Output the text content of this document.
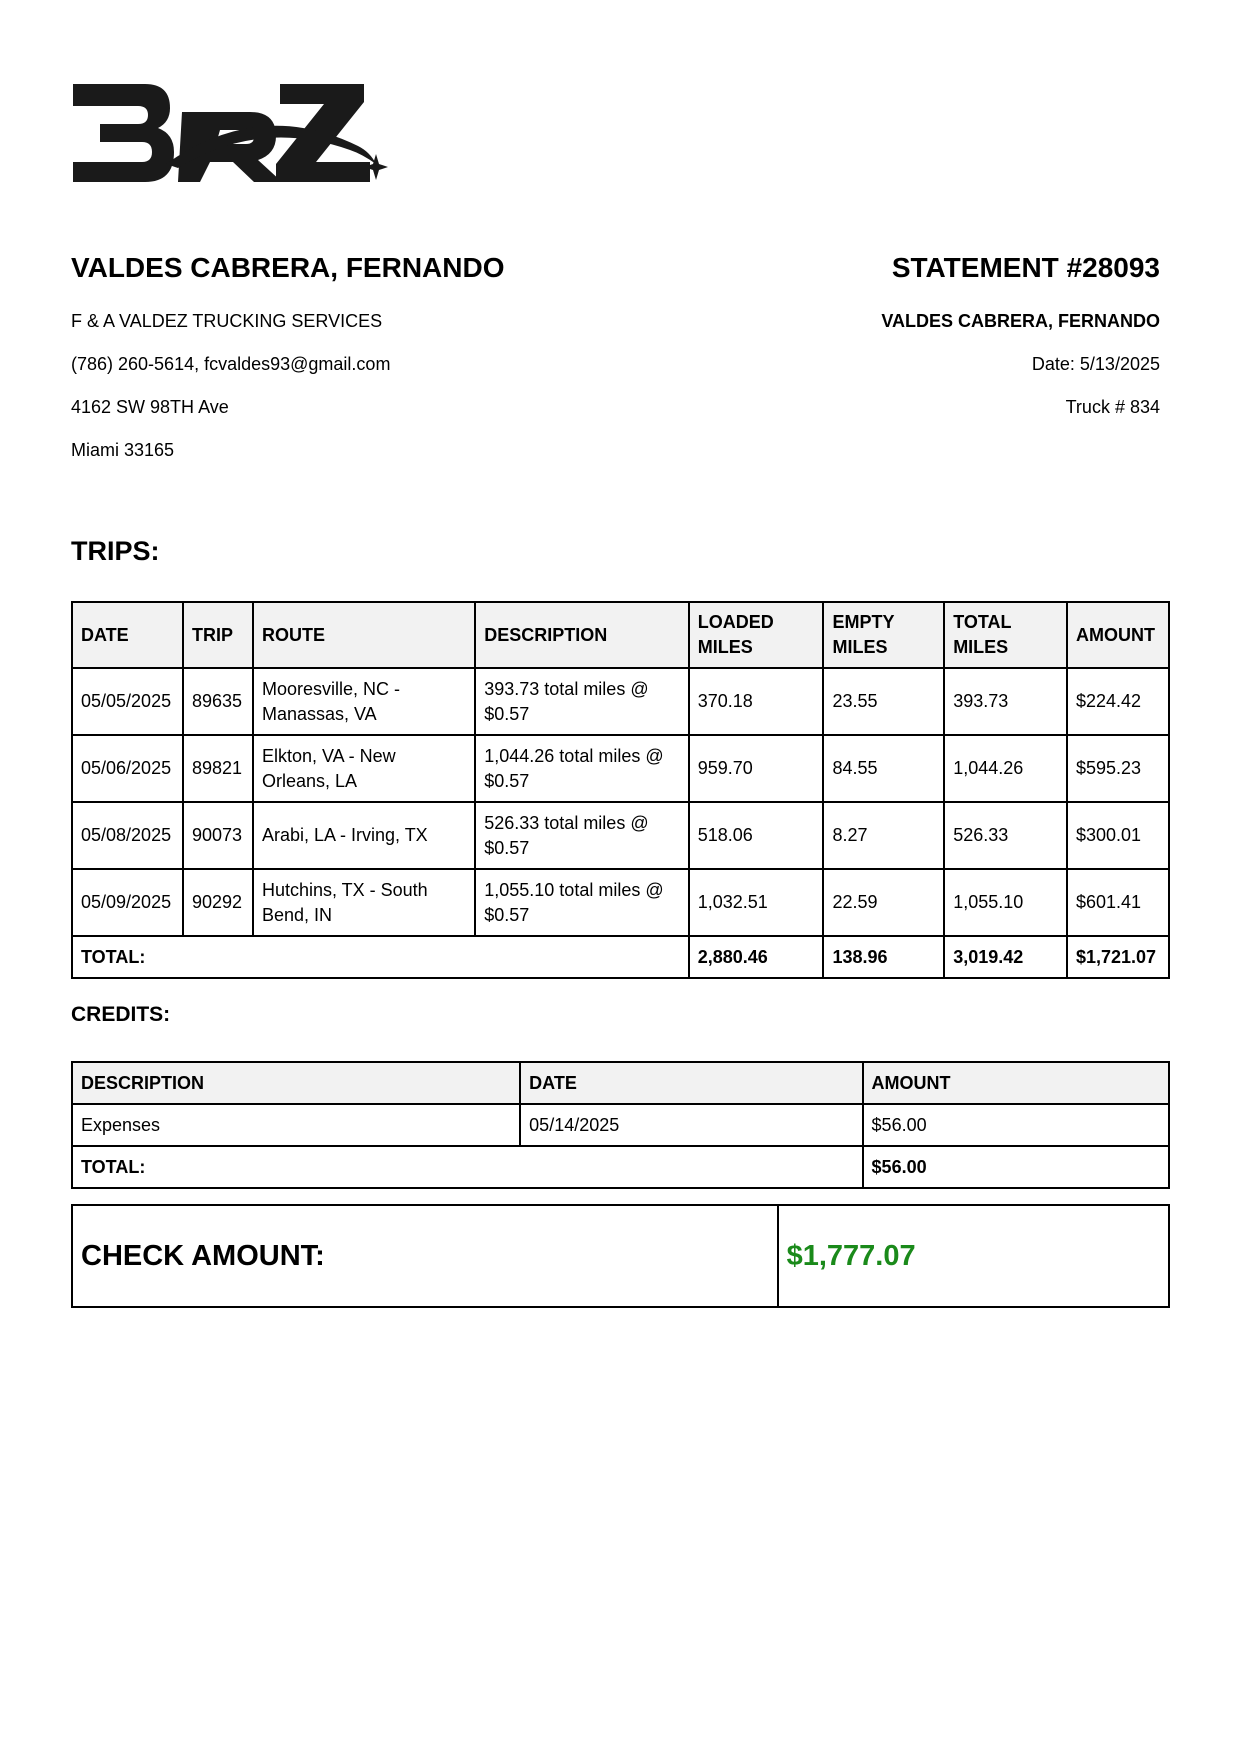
VALDES CABRERA, FERNANDO
F & A VALDEZ TRUCKING SERVICES
(786) 260-5614, fcvaldes93@gmail.com
4162 SW 98TH Ave
Miami 33165
STATEMENT #28093
VALDES CABRERA, FERNANDO
Date: 5/13/2025
Truck # 834
TRIPS:
DATE	TRIP	ROUTE	DESCRIPTION	LOADED MILES	EMPTY MILES	TOTAL MILES	AMOUNT
05/05/2025	89635	Mooresville, NC - Manassas, VA	393.73 total miles @ $0.57	370.18	23.55	393.73	$224.42
05/06/2025	89821	Elkton, VA - New Orleans, LA	1,044.26 total miles @ $0.57	959.70	84.55	1,044.26	$595.23
05/08/2025	90073	Arabi, LA - Irving, TX	526.33 total miles @ $0.57	518.06	8.27	526.33	$300.01
05/09/2025	90292	Hutchins, TX - South Bend, IN	1,055.10 total miles @ $0.57	1,032.51	22.59	1,055.10	$601.41
TOTAL:				2,880.46	138.96	3,019.42	$1,721.07
CREDITS:
DESCRIPTION	DATE	AMOUNT
Expenses	05/14/2025	$56.00
TOTAL:		$56.00
CHECK AMOUNT:	$1,777.07
